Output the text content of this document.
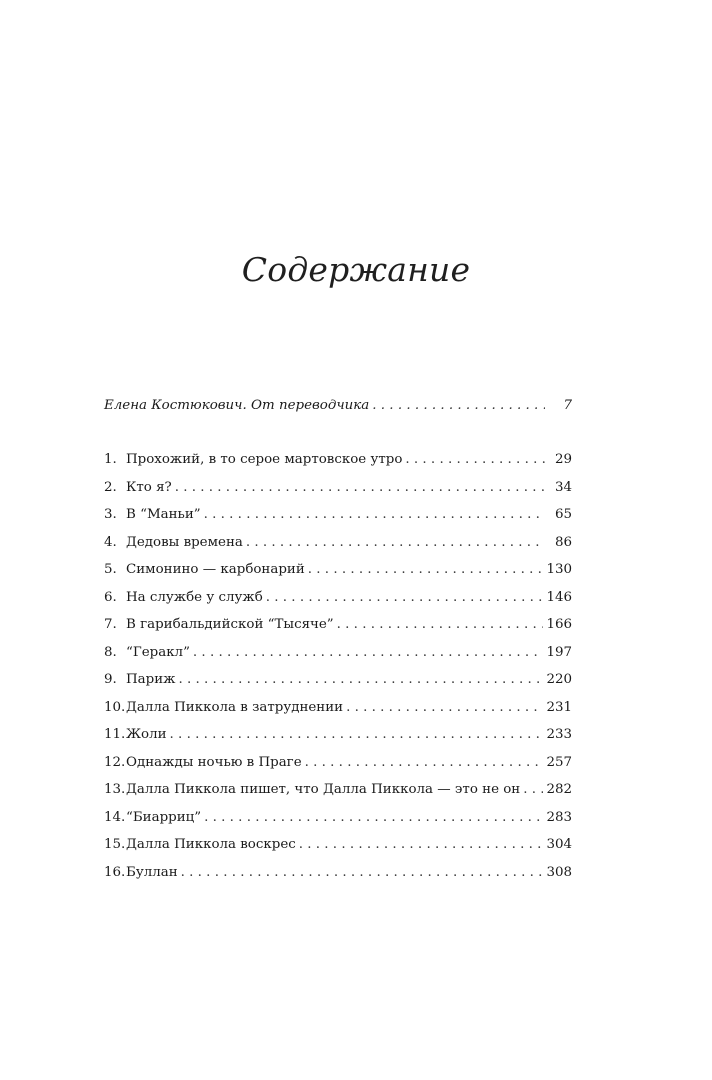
Содержание
Елена Костюкович. От переводчика . . .	7
1. Прохожий, в то серое мартовское утро . . .	29
2. Кто я? . . .	34
3. В “Маньи” . . .	65
4. Дедовы времена . . .	86
5. Симонино — карбонарий . . .	130
6. На службе у служб . . .	146
7. В гарибальдийской “Тысяче” . . .	166
8. “Геракл” . . .	197
9. Париж . . .	220
10. Далла Пиккола в затруднении . . .	231
11. Жоли . . .	233
12. Однажды ночью в Праге . . .	257
13. Далла Пиккола пишет, что Далла Пиккола — это не он . . . 282
14. “Биарриц” . . .	283
15. Далла Пиккола воскрес . . .	304
16. Буллан . . .	308
